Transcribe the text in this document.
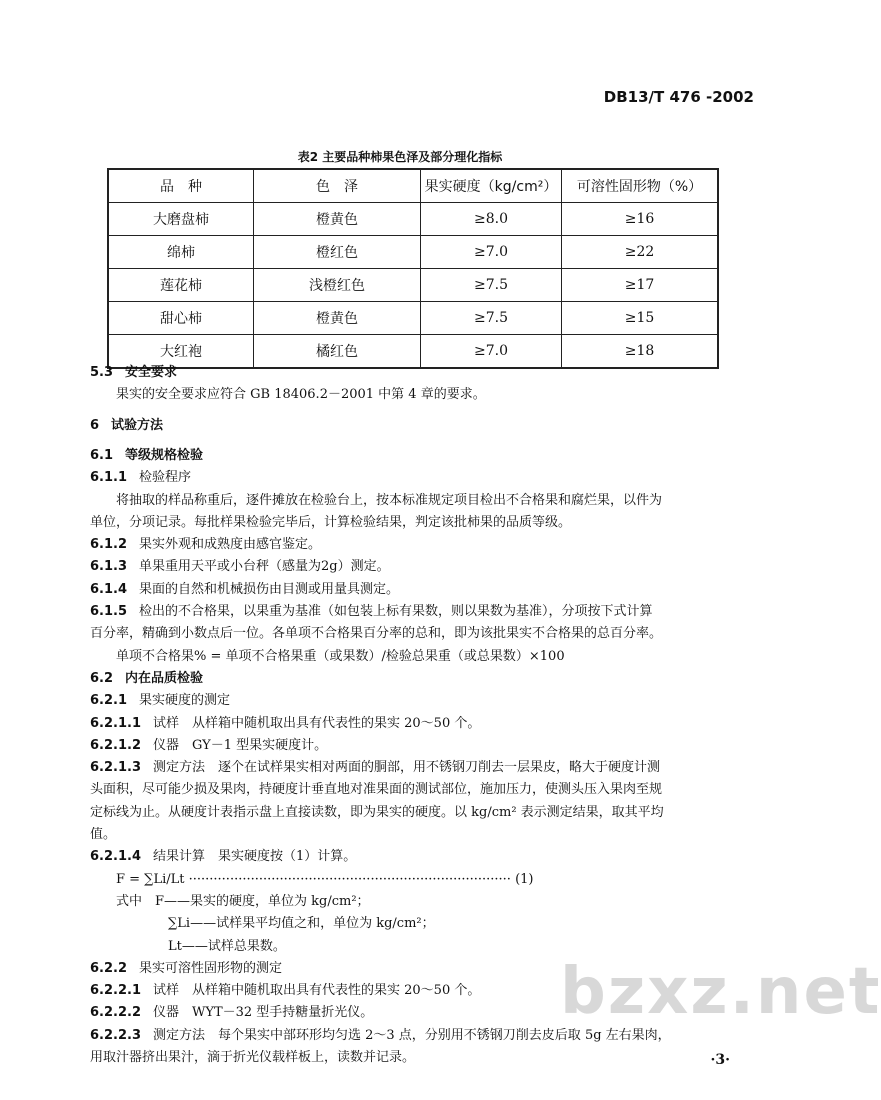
DB13/T 476 -2002
表2 主要品种柿果色泽及部分理化指标
品　种	色　泽	果实硬度（kg/cm²）	可溶性固形物（%）
大磨盘柿	橙黄色	≥8.0	≥16
绵柿	橙红色	≥7.0	≥22
莲花柿	浅橙红色	≥7.5	≥17
甜心柿	橙黄色	≥7.5	≥15
大红袍	橘红色	≥7.0	≥18
5.3 安全要求
果实的安全要求应符合 GB 18406.2－2001 中第 4 章的要求。
6 试验方法
6.1 等级规格检验
6.1.1 检验程序
将抽取的样品称重后，逐件摊放在检验台上，按本标准规定项目检出不合格果和腐烂果，以件为
单位，分项记录。每批样果检验完毕后，计算检验结果，判定该批柿果的品质等级。
6.1.2 果实外观和成熟度由感官鉴定。
6.1.3 单果重用天平或小台秤（感量为2g）测定。
6.1.4 果面的自然和机械损伤由目测或用量具测定。
6.1.5 检出的不合格果，以果重为基准（如包装上标有果数，则以果数为基准），分项按下式计算
百分率，精确到小数点后一位。各单项不合格果百分率的总和，即为该批果实不合格果的总百分率。
单项不合格果% = 单项不合格果重（或果数）/检验总果重（或总果数）×100
6.2 内在品质检验
6.2.1 果实硬度的测定
6.2.1.1 试样　从样箱中随机取出具有代表性的果实 20～50 个。
6.2.1.2 仪器　GY－1 型果实硬度计。
6.2.1.3 测定方法　逐个在试样果实相对两面的胴部，用不锈钢刀削去一层果皮，略大于硬度计测
头面积，尽可能少损及果肉，持硬度计垂直地对准果面的测试部位，施加压力，使测头压入果肉至规
定标线为止。从硬度计表指示盘上直接读数，即为果实的硬度。以 kg/cm² 表示测定结果，取其平均
值。
6.2.1.4 结果计算　果实硬度按（1）计算。
F = ∑Li/Lt ·············································································· (1)
式中　F——果实的硬度，单位为 kg/cm²；
∑Li——试样果平均值之和，单位为 kg/cm²；
Lt——试样总果数。
6.2.2 果实可溶性固形物的测定
6.2.2.1 试样　从样箱中随机取出具有代表性的果实 20～50 个。
6.2.2.2 仪器　WYT－32 型手持糖量折光仪。
6.2.2.3 测定方法　每个果实中部环形均匀选 2～3 点，分别用不锈钢刀削去皮后取 5g 左右果肉，
用取汁器挤出果汁，滴于折光仪载样板上，读数并记录。
bzxz.net
·3·
